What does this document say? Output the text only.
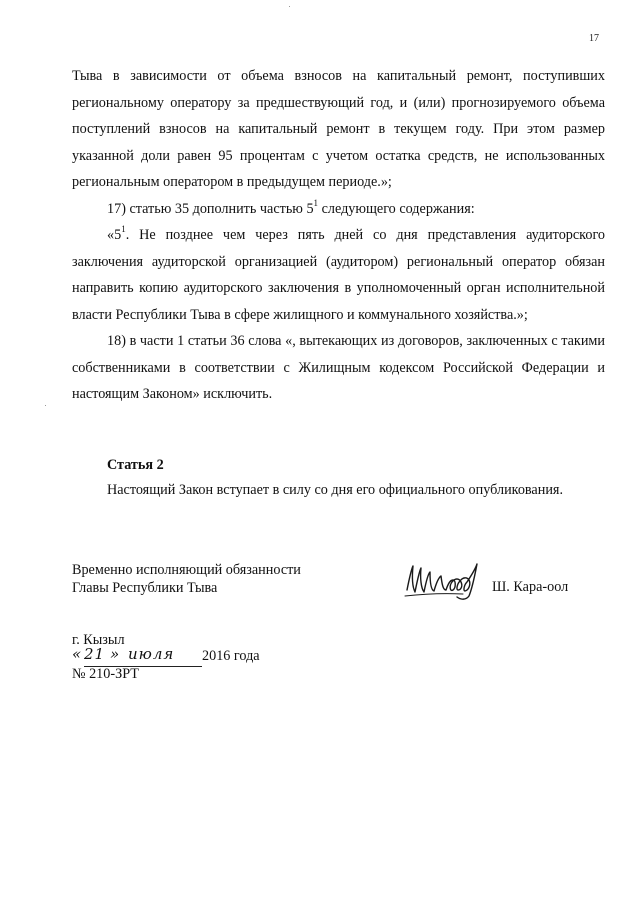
17

Тыва в зависимости от объема взносов на капитальный ремонт, поступивших региональному оператору за предшествующий год, и (или) прогнозируемого объема поступлений взносов на капитальный ремонт в текущем году. При этом размер указанной доли равен 95 процентам с учетом остатка средств, не использованных региональным оператором в предыдущем периоде.»;

17) статью 35 дополнить частью $5^1$ следующего содержания:

«$5^1$. Не позднее чем через пять дней со дня представления аудиторского заключения аудиторской организацией (аудитором) региональный оператор обязан направить копию аудиторского заключения в уполномоченный орган исполнительной власти Республики Тыва в сфере жилищного и коммунального хозяйства.»;

18) в части 1 статьи 36 слова «, вытекающих из договоров, заключенных с такими собственниками в соответствии с Жилищным кодексом Российской Федерации и настоящим Законом» исключить.

Статья 2
Настоящий Закон вступает в силу со дня его официального опубликования.
Временно исполняющий обязанности
Главы Республики Тыва	Ш. Кара-оол
г. Кызыл
« 21 » июля 2016 года
№ 210-ЗРТ
